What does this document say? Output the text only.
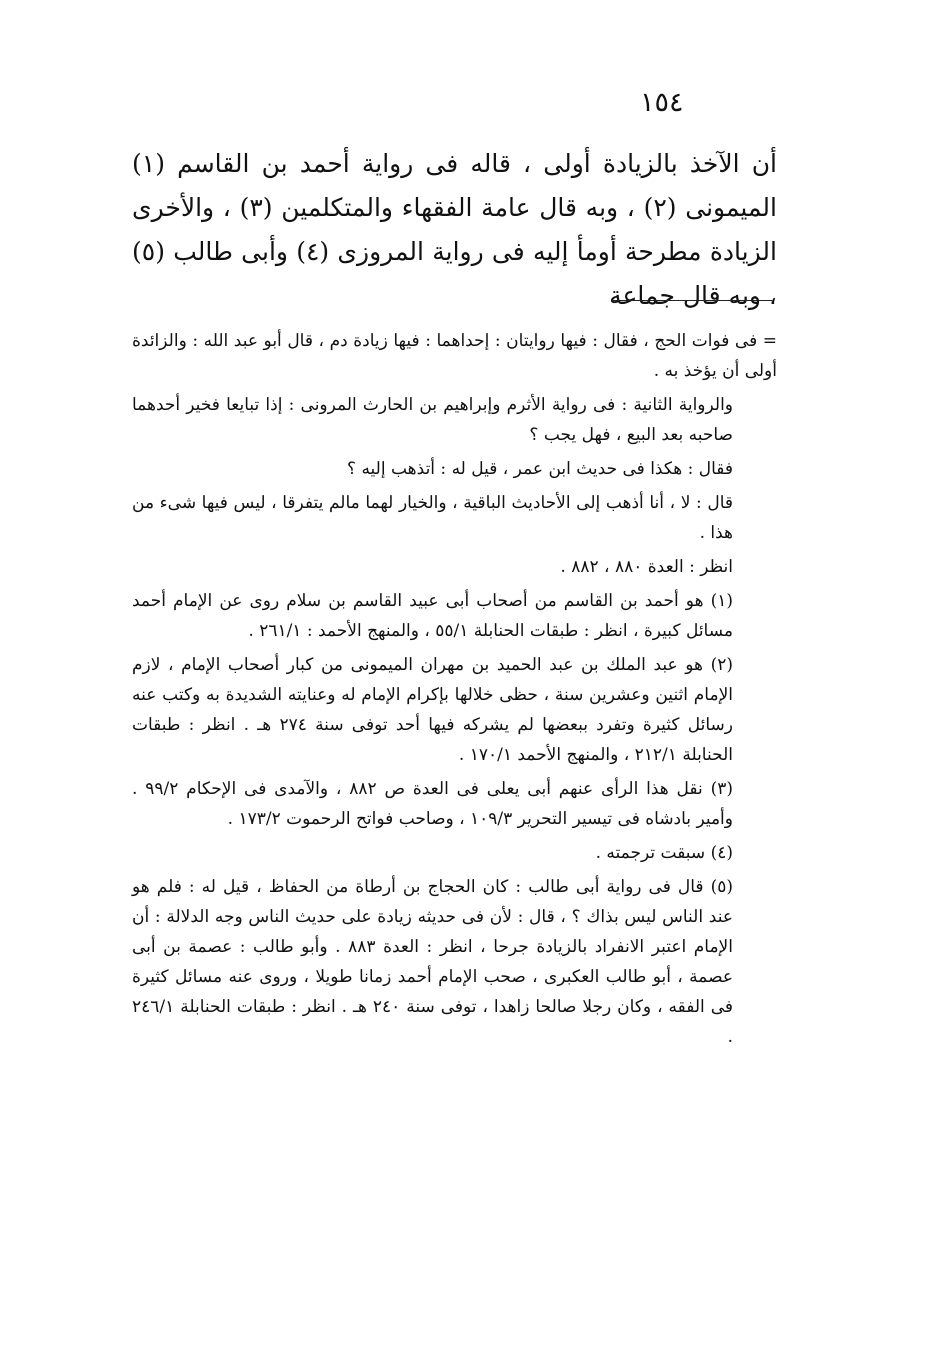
١٥٤

أن الآخذ بالزيادة أولى ، قاله فى رواية أحمد بن القاسم (١) الميمونى (٢) ، وبه قال عامة الفقهاء والمتكلمين (٣) ، والأخرى الزيادة مطرحة أومأ إليه فى رواية المروزى (٤) وأبى طالب (٥) ، وبه قال جماعة

= فى فوات الحج ، فقال : فيها روايتان : إحداهما : فيها زيادة دم ، قال أبو عبد الله : والزائدة أولى أن يؤخذ به .

والرواية الثانية : فى رواية الأثرم وإبراهيم بن الحارث المرونى : إذا تبايعا فخير أحدهما صاحبه بعد البيع ، فهل يجب ؟

فقال : هكذا فى حديث ابن عمر ، قيل له : أتذهب إليه ؟

قال : لا ، أنا أذهب إلى الأحاديث الباقية ، والخيار لهما مالم يتفرقا ، ليس فيها شىء من هذا .

انظر : العدة ٨٨٠ ، ٨٨٢ .

(١) هو أحمد بن القاسم من أصحاب أبى عبيد القاسم بن سلام روى عن الإمام أحمد مسائل كبيرة ، انظر : طبقات الحنابلة ٥٥/١ ، والمنهج الأحمد : ٢٦١/١ .

(٢) هو عبد الملك بن عبد الحميد بن مهران الميمونى من كبار أصحاب الإمام ، لازم الإمام اثنين وعشرين سنة ، حظى خلالها بإكرام الإمام له وعنايته الشديدة به وكتب عنه رسائل كثيرة وتفرد ببعضها لم يشركه فيها أحد توفى سنة ٢٧٤ هـ . انظر : طبقات الحنابلة ٢١٢/١ ، والمنهج الأحمد ١٧٠/١ .

(٣) نقل هذا الرأى عنهم أبى يعلى فى العدة ص ٨٨٢ ، والآمدى فى الإحكام ٩٩/٢ . وأمير بادشاه فى تيسير التحرير ١٠٩/٣ ، وصاحب فواتح الرحموت ١٧٣/٢ .

(٤) سبقت ترجمته .

(٥) قال فى رواية أبى طالب : كان الحجاج بن أرطاة من الحفاظ ، قيل له : فلم هو عند الناس ليس بذاك ؟ ، قال : لأن فى حديثه زيادة على حديث الناس وجه الدلالة : أن الإمام اعتبر الانفراد بالزيادة جرحا ، انظر : العدة ٨٨٣ . وأبو طالب : عصمة بن أبى عصمة ، أبو طالب العكبرى ، صحب الإمام أحمد زمانا طويلا ، وروى عنه مسائل كثيرة فى الفقه ، وكان رجلا صالحا زاهدا ، توفى سنة ٢٤٠ هـ . انظر : طبقات الحنابلة ٢٤٦/١ .
